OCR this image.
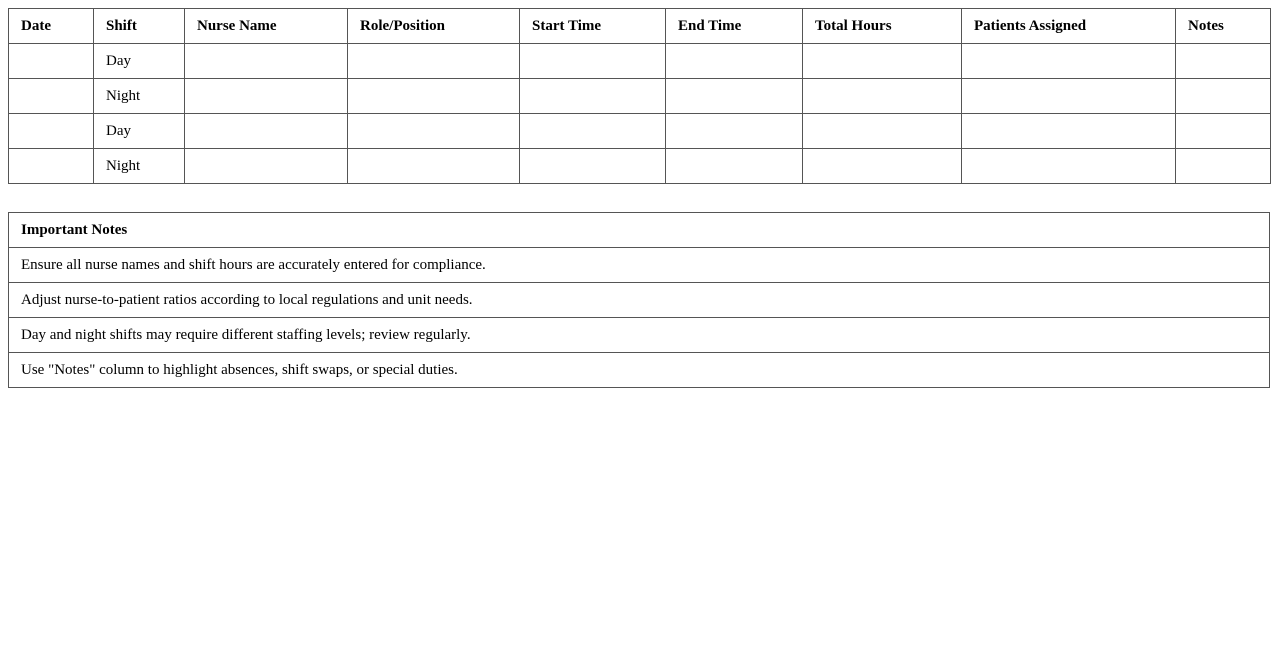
Date	Shift	Nurse Name	Role/Position	Start Time	End Time	Total Hours	Patients Assigned	Notes
	Day							
	Night							
	Day							
	Night							
Important Notes
Ensure all nurse names and shift hours are accurately entered for compliance.
Adjust nurse-to-patient ratios according to local regulations and unit needs.
Day and night shifts may require different staffing levels; review regularly.
Use "Notes" column to highlight absences, shift swaps, or special duties.
